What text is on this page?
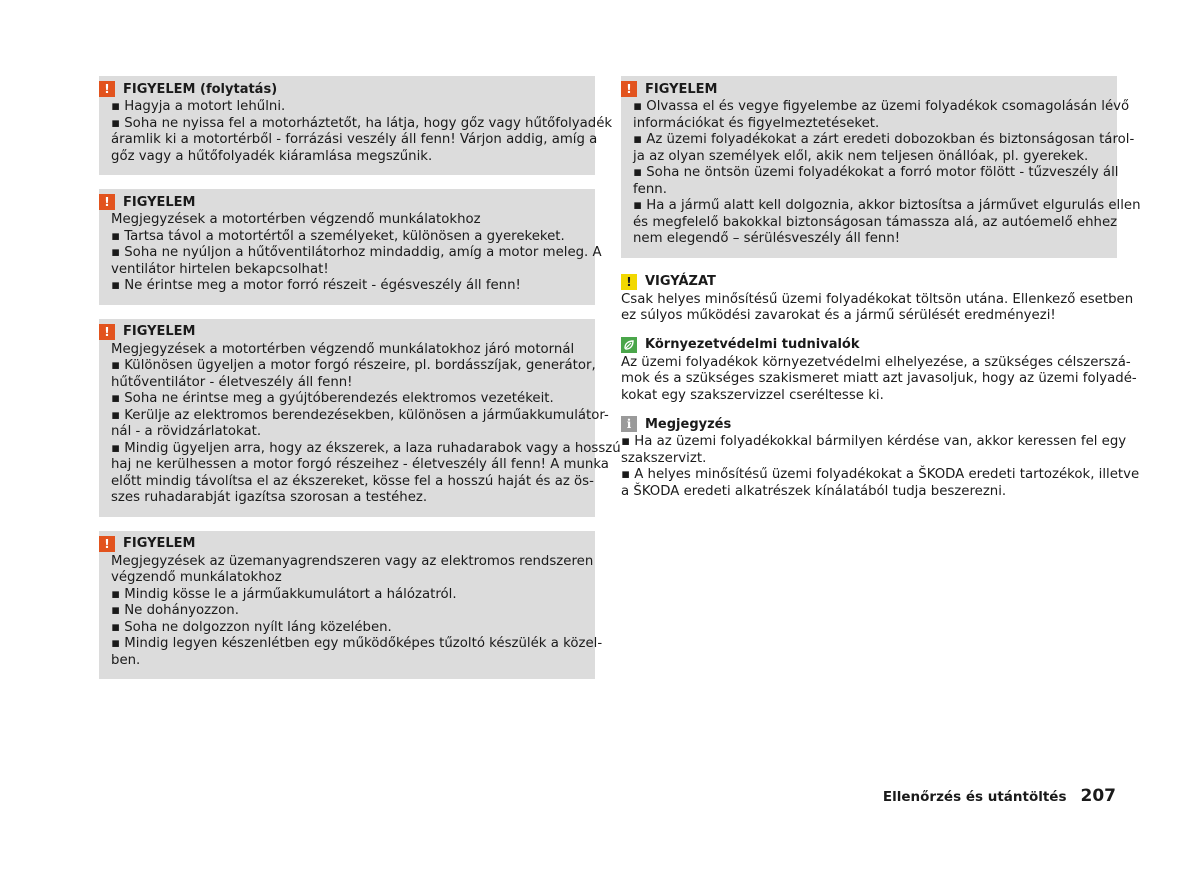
!	FIGYELEM (folytatás)
▪ Hagyja a motort lehűlni.
▪ Soha ne nyissa fel a motorháztetőt, ha látja, hogy gőz vagy hűtőfolyadék
áramlik ki a motortérből - forrázási veszély áll fenn! Várjon addig, amíg a
gőz vagy a hűtőfolyadék kiáramlása megszűnik.
!	FIGYELEM
Megjegyzések a motortérben végzendő munkálatokhoz
▪ Tartsa távol a motortértől a személyeket, különösen a gyerekeket.
▪ Soha ne nyúljon a hűtőventilátorhoz mindaddig, amíg a motor meleg. A
ventilátor hirtelen bekapcsolhat!
▪ Ne érintse meg a motor forró részeit - égésveszély áll fenn!
!	FIGYELEM
Megjegyzések a motortérben végzendő munkálatokhoz járó motornál
▪ Különösen ügyeljen a motor forgó részeire, pl. bordásszíjak, generátor,
hűtőventilátor - életveszély áll fenn!
▪ Soha ne érintse meg a gyújtóberendezés elektromos vezetékeit.
▪ Kerülje az elektromos berendezésekben, különösen a járműakkumulátor-
nál - a rövidzárlatokat.
▪ Mindig ügyeljen arra, hogy az ékszerek, a laza ruhadarabok vagy a hosszú
haj ne kerülhessen a motor forgó részeihez - életveszély áll fenn! A munka
előtt mindig távolítsa el az ékszereket, kösse fel a hosszú haját és az ös-
szes ruhadarabját igazítsa szorosan a testéhez.
!	FIGYELEM
Megjegyzések az üzemanyagrendszeren vagy az elektromos rendszeren
végzendő munkálatokhoz
▪ Mindig kösse le a járműakkumulátort a hálózatról.
▪ Ne dohányozzon.
▪ Soha ne dolgozzon nyílt láng közelében.
▪ Mindig legyen készenlétben egy működőképes tűzoltó készülék a közel-
ben.
!	FIGYELEM
▪ Olvassa el és vegye figyelembe az üzemi folyadékok csomagolásán lévő
információkat és figyelmeztetéseket.
▪ Az üzemi folyadékokat a zárt eredeti dobozokban és biztonságosan tárol-
ja az olyan személyek elől, akik nem teljesen önállóak, pl. gyerekek.
▪ Soha ne öntsön üzemi folyadékokat a forró motor fölött - tűzveszély áll
fenn.
▪ Ha a jármű alatt kell dolgoznia, akkor biztosítsa a járművet elgurulás ellen
és megfelelő bakokkal biztonságosan támassza alá, az autóemelő ehhez
nem elegendő – sérülésveszély áll fenn!
!	VIGYÁZAT
Csak helyes minősítésű üzemi folyadékokat töltsön utána. Ellenkező esetben
ez súlyos működési zavarokat és a jármű sérülését eredményezi!
Környezetvédelmi tudnivalók
Az üzemi folyadékok környezetvédelmi elhelyezése, a szükséges célszerszá-
mok és a szükséges szakismeret miatt azt javasoljuk, hogy az üzemi folyadé-
kokat egy szakszervizzel cseréltesse ki.
i	Megjegyzés
▪ Ha az üzemi folyadékokkal bármilyen kérdése van, akkor keressen fel egy
szakszervizt.
▪ A helyes minősítésű üzemi folyadékokat a ŠKODA eredeti tartozékok, illetve
a ŠKODA eredeti alkatrészek kínálatából tudja beszerezni.
Ellenőrzés és utántöltés 207
